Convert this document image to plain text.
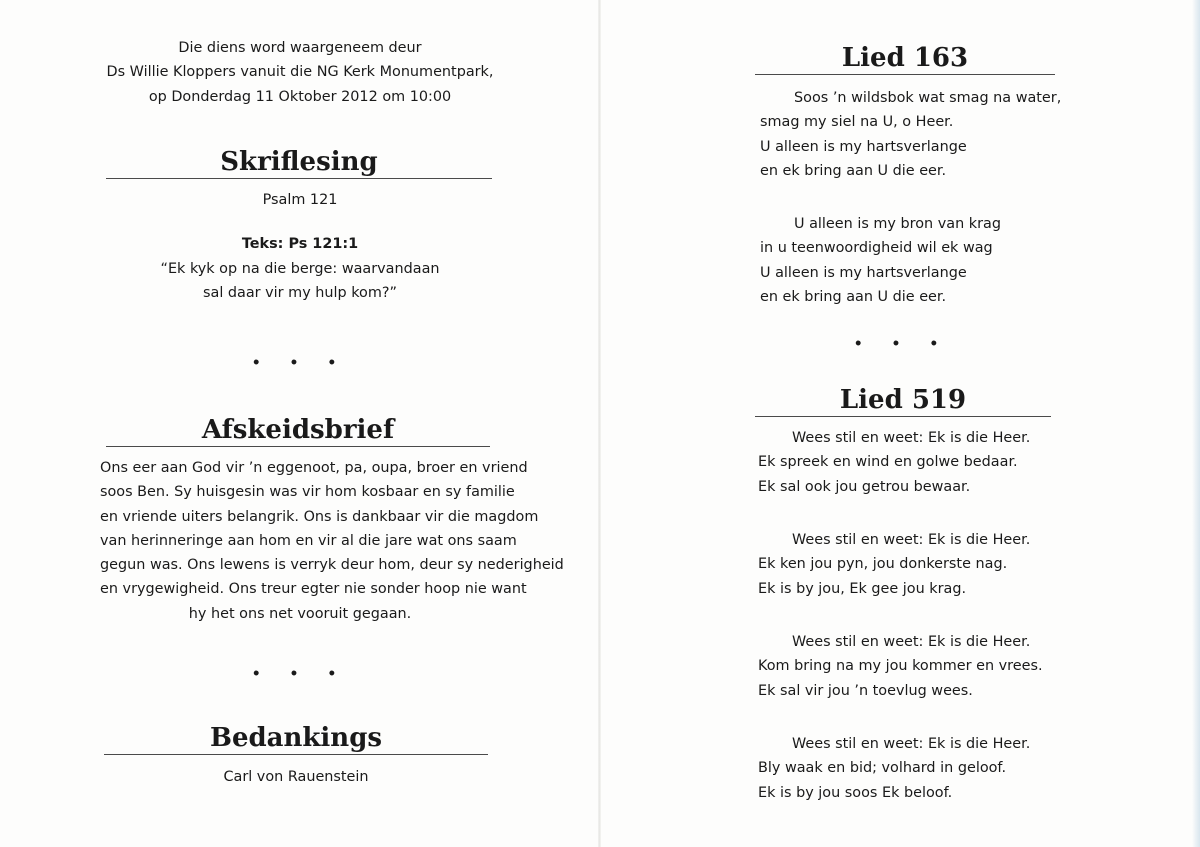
Die diens word waargeneem deur
Ds Willie Kloppers vanuit die NG Kerk Monumentpark,
op Donderdag 11 Oktober 2012 om 10:00

Skriflesing

Psalm 121

Teks: Ps 121:1
“Ek kyk op na die berge: waarvandaan
sal daar vir my hulp kom?”

• • •
Afskeidsbrief

Ons eer aan God vir ’n eggenoot, pa, oupa, broer en vriend
soos Ben. Sy huisgesin was vir hom kosbaar en sy familie
en vriende uiters belangrik. Ons is dankbaar vir die magdom
van herinneringe aan hom en vir al die jare wat ons saam
gegun was. Ons lewens is verryk deur hom, deur sy nederigheid
en vrygewigheid. Ons treur egter nie sonder hoop nie want
hy het ons net vooruit gegaan.

• • •
Bedankings

Carl von Rauenstein

Lied 163

Soos ’n wildsbok wat smag na water,
smag my siel na U, o Heer.
U alleen is my hartsverlange
en ek bring aan U die eer.

U alleen is my bron van krag
in u teenwoordigheid wil ek wag
U alleen is my hartsverlange
en ek bring aan U die eer.

• • •
Lied 519

Wees stil en weet: Ek is die Heer.
Ek spreek en wind en golwe bedaar.
Ek sal ook jou getrou bewaar.

Wees stil en weet: Ek is die Heer.
Ek ken jou pyn, jou donkerste nag.
Ek is by jou, Ek gee jou krag.

Wees stil en weet: Ek is die Heer.
Kom bring na my jou kommer en vrees.
Ek sal vir jou ’n toevlug wees.

Wees stil en weet: Ek is die Heer.
Bly waak en bid; volhard in geloof.
Ek is by jou soos Ek beloof.
